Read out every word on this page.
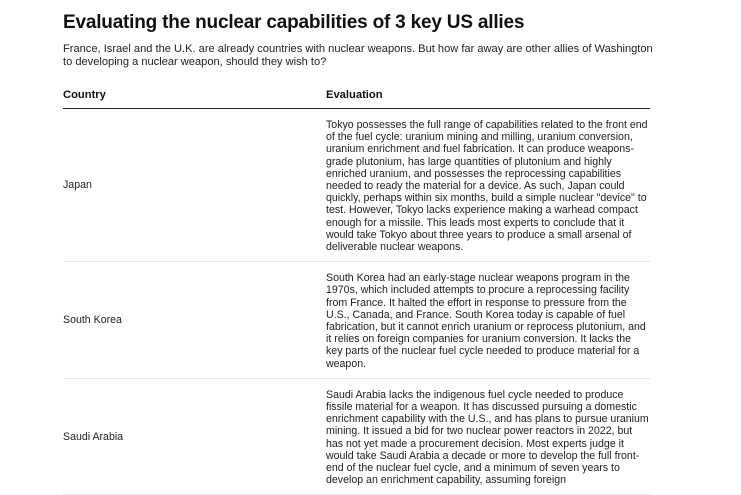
Evaluating the nuclear capabilities of 3 key US allies

France, Israel and the U.K. are already countries with nuclear weapons. But how far away are other allies of Washington to developing a nuclear weapon, should they wish to?

Country	Evaluation
Japan
Tokyo possesses the full range of capabilities related to the front end of the fuel cycle: uranium mining and milling, uranium conversion, uranium enrichment and fuel fabrication. It can produce weapons-grade plutonium, has large quantities of plutonium and highly enriched uranium, and possesses the reprocessing capabilities needed to ready the material for a device. As such, Japan could quickly, perhaps within six months, build a simple nuclear "device" to test. However, Tokyo lacks experience making a warhead compact enough for a missile. This leads most experts to conclude that it would take Tokyo about three years to produce a small arsenal of deliverable nuclear weapons.
South Korea
South Korea had an early-stage nuclear weapons program in the 1970s, which included attempts to procure a reprocessing facility from France. It halted the effort in response to pressure from the U.S., Canada, and France. South Korea today is capable of fuel fabrication, but it cannot enrich uranium or reprocess plutonium, and it relies on foreign companies for uranium conversion. It lacks the key parts of the nuclear fuel cycle needed to produce material for a weapon.
Saudi Arabia
Saudi Arabia lacks the indigenous fuel cycle needed to produce fissile material for a weapon. It has discussed pursuing a domestic enrichment capability with the U.S., and has plans to pursue uranium mining. It issued a bid for two nuclear power reactors in 2022, but has not yet made a procurement decision. Most experts judge it would take Saudi Arabia a decade or more to develop the full front-end of the nuclear fuel cycle, and a minimum of seven years to develop an enrichment capability, assuming foreign
